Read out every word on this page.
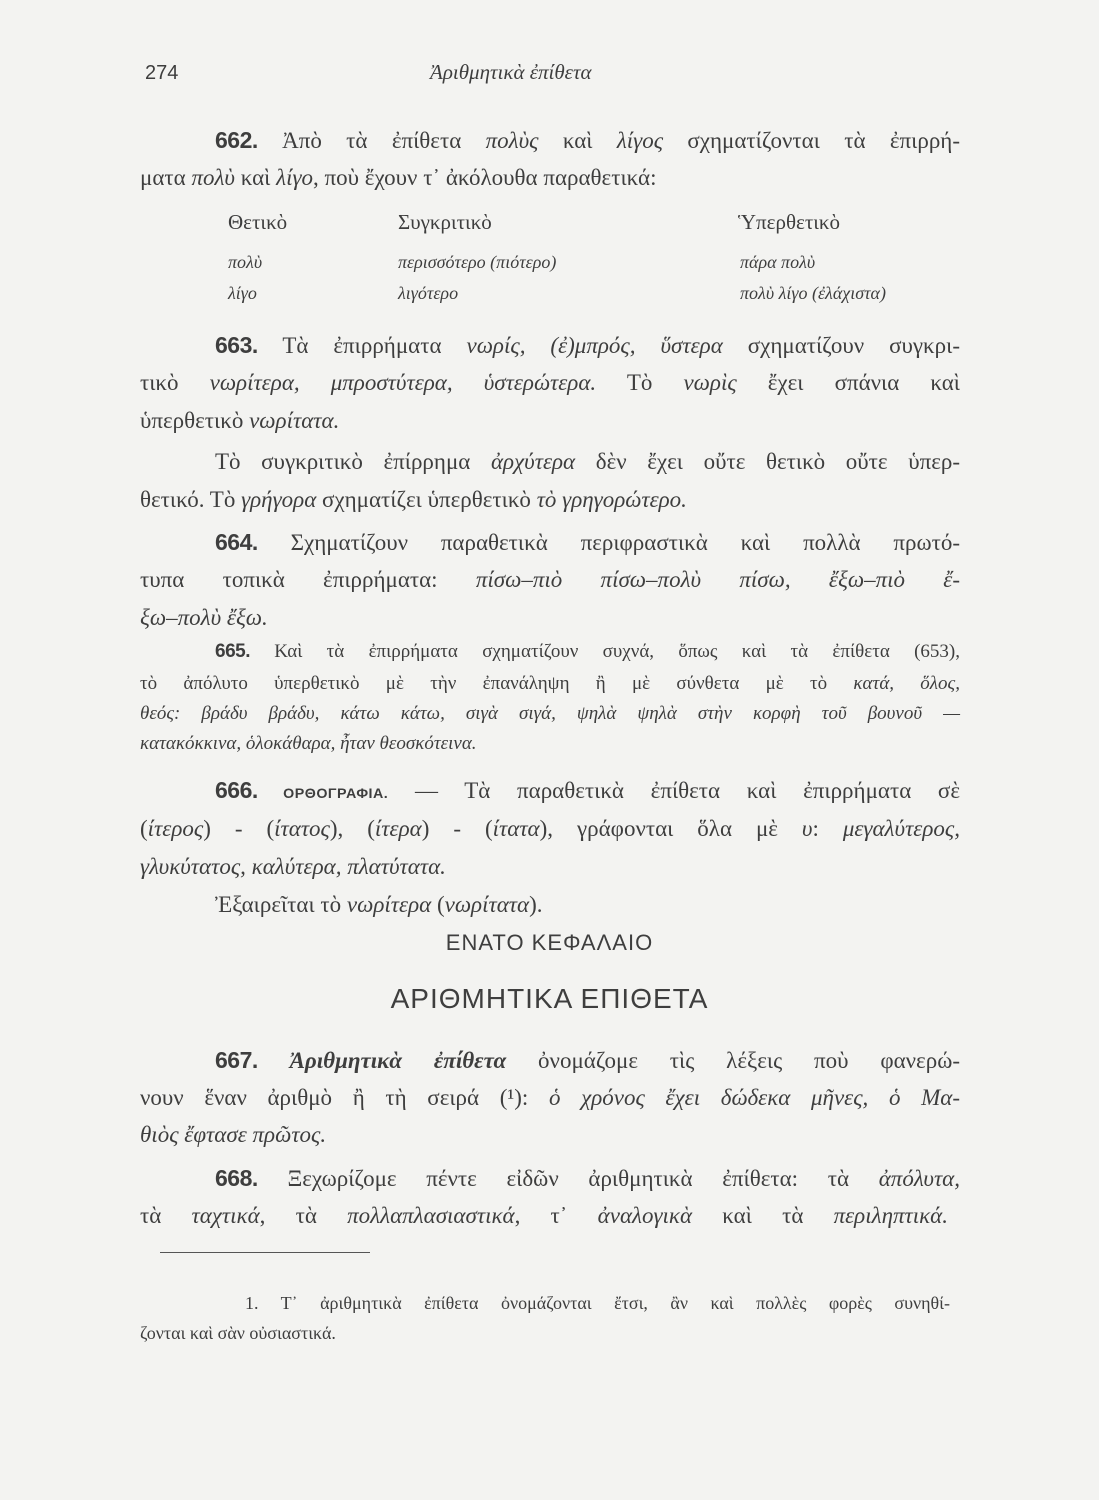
274	Ἀριθμητικὰ ἐπίθετα
Θετικὸ	Συγκριτικὸ	Ὑπερθετικὸ
πολὺ	περισσότερο (πιότερο)	πάρα πολὺ
λίγο	λιγότερο	πολὺ λίγο (ἐλάχιστα)
ΕΝΑΤΟ ΚΕΦΑΛΑΙΟ
ΑΡΙΘΜΗΤΙΚΑ ΕΠΙΘΕΤΑ
662. Ἀπὸ τὰ ἐπίθετα πολὺς καὶ λίγος σχηματίζονται τὰ ἐπιρρή-
ματα πολὺ καὶ λίγο, ποὺ ἔχουν τ᾽ ἀκόλουθα παραθετικά:
663. Τὰ ἐπιρρήματα νωρίς, (ἐ)μπρός, ὕστερα σχηματίζουν συγκρι-
τικὸ νωρίτερα, μπροστύτερα, ὑστερώτερα. Τὸ νωρὶς ἔχει σπάνια καὶ
ὑπερθετικὸ νωρίτατα.
Τὸ συγκριτικὸ ἐπίρρημα ἀρχύτερα δὲν ἔχει οὔτε θετικὸ οὔτε ὑπερ-
θετικό. Τὸ γρήγορα σχηματίζει ὑπερθετικὸ τὸ γρηγορώτερο.
664. Σχηματίζουν παραθετικὰ περιφραστικὰ καὶ πολλὰ πρωτό-
τυπα τοπικὰ ἐπιρρήματα: πίσω–πιὸ πίσω–πολὺ πίσω, ἔξω–πιὸ ἔ-
ξω–πολὺ ἔξω.
665. Καὶ τὰ ἐπιρρήματα σχηματίζουν συχνά, ὅπως καὶ τὰ ἐπίθετα (653),
τὸ ἀπόλυτο ὑπερθετικὸ μὲ τὴν ἐπανάληψη ἢ μὲ σύνθετα μὲ τὸ κατά, ὅλος,
θεός: βράδυ βράδυ, κάτω κάτω, σιγὰ σιγά, ψηλὰ ψηλὰ στὴν κορφὴ τοῦ βουνοῦ —
κατακόκκινα, ὁλοκάθαρα, ἦταν θεοσκότεινα.
666. ΟΡΘΟΓΡΑΦΙΑ. — Τὰ παραθετικὰ ἐπίθετα καὶ ἐπιρρήματα σὲ
(ίτερος) - (ίτατος), (ίτερα) - (ίτατα), γράφονται ὅλα μὲ υ: μεγαλύτερος,
γλυκύτατος, καλύτερα, πλατύτατα.
Ἐξαιρεῖται τὸ νωρίτερα (νωρίτατα).
667. Ἀριθμητικὰ ἐπίθετα ὀνομάζομε τὶς λέξεις ποὺ φανερώ-
νουν ἕναν ἀριθμὸ ἢ τὴ σειρά (¹): ὁ χρόνος ἔχει δώδεκα μῆνες, ὁ Μα-
θιὸς ἔφτασε πρῶτος.
668. Ξεχωρίζομε πέντε εἰδῶν ἀριθμητικὰ ἐπίθετα: τὰ ἀπόλυτα,
τὰ ταχτικά, τὰ πολλαπλασιαστικά, τ᾽ ἀναλογικὰ καὶ τὰ περιληπτικά.
1. Τ᾽ ἀριθμητικὰ ἐπίθετα ὀνομάζονται ἔτσι, ἂν καὶ πολλὲς φορὲς συνηθί-
ζονται καὶ σὰν οὐσιαστικά.
